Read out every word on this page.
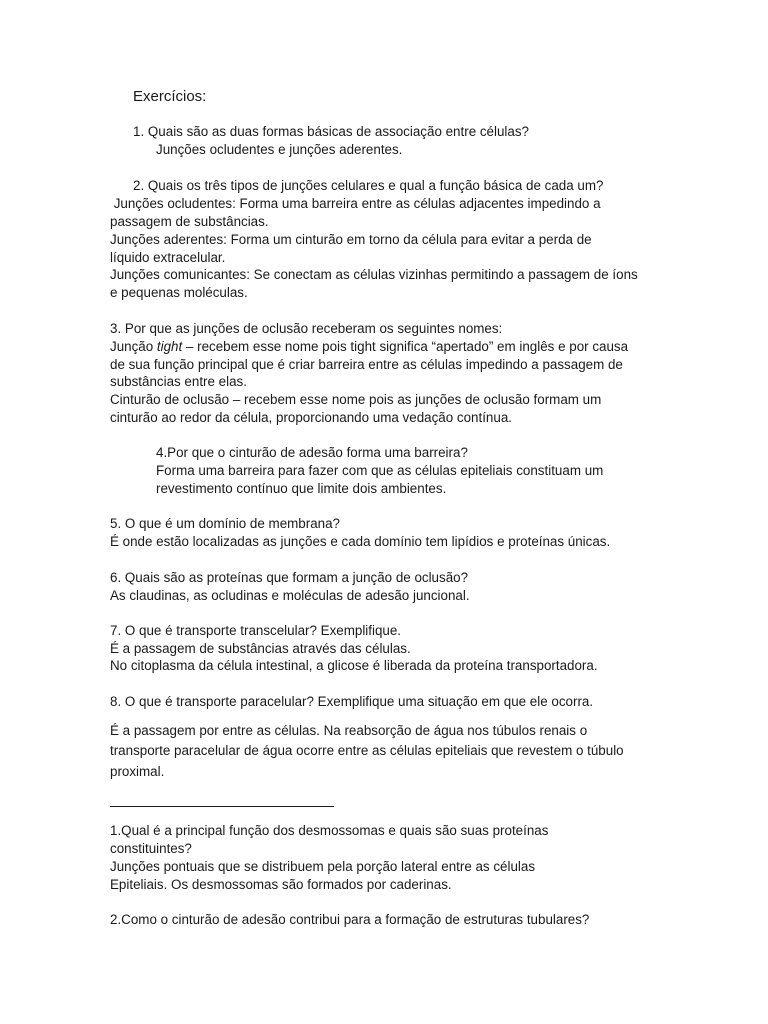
Exercícios:
1. Quais são as duas formas básicas de associação entre células?
Junções ocludentes e junções aderentes.
2. Quais os três tipos de junções celulares e qual a função básica de cada um?
Junções ocludentes: Forma uma barreira entre as células adjacentes impedindo a
passagem de substâncias.
Junções aderentes: Forma um cinturão em torno da célula para evitar a perda de
líquido extracelular.
Junções comunicantes: Se conectam as células vizinhas permitindo a passagem de íons
e pequenas moléculas.
3. Por que as junções de oclusão receberam os seguintes nomes:
Junção tight – recebem esse nome pois tight significa “apertado” em inglês e por causa
de sua função principal que é criar barreira entre as células impedindo a passagem de
substâncias entre elas.
Cinturão de oclusão – recebem esse nome pois as junções de oclusão formam um
cinturão ao redor da célula, proporcionando uma vedação contínua.
4.Por que o cinturão de adesão forma uma barreira?
Forma uma barreira para fazer com que as células epiteliais constituam um
revestimento contínuo que limite dois ambientes.
5. O que é um domínio de membrana?
É onde estão localizadas as junções e cada domínio tem lipídios e proteínas únicas.
6. Quais são as proteínas que formam a junção de oclusão?
As claudinas, as ocludinas e moléculas de adesão juncional.
7. O que é transporte transcelular? Exemplifique.
É a passagem de substâncias através das células.
No citoplasma da célula intestinal, a glicose é liberada da proteína transportadora.
8. O que é transporte paracelular? Exemplifique uma situação em que ele ocorra.
É a passagem por entre as células. Na reabsorção de água nos túbulos renais o
transporte paracelular de água ocorre entre as células epiteliais que revestem o túbulo
proximal.
1.Qual é a principal função dos desmossomas e quais são suas proteínas
constituintes?
Junções pontuais que se distribuem pela porção lateral entre as células
Epiteliais. Os desmossomas são formados por caderinas.
2.Como o cinturão de adesão contribui para a formação de estruturas tubulares?
